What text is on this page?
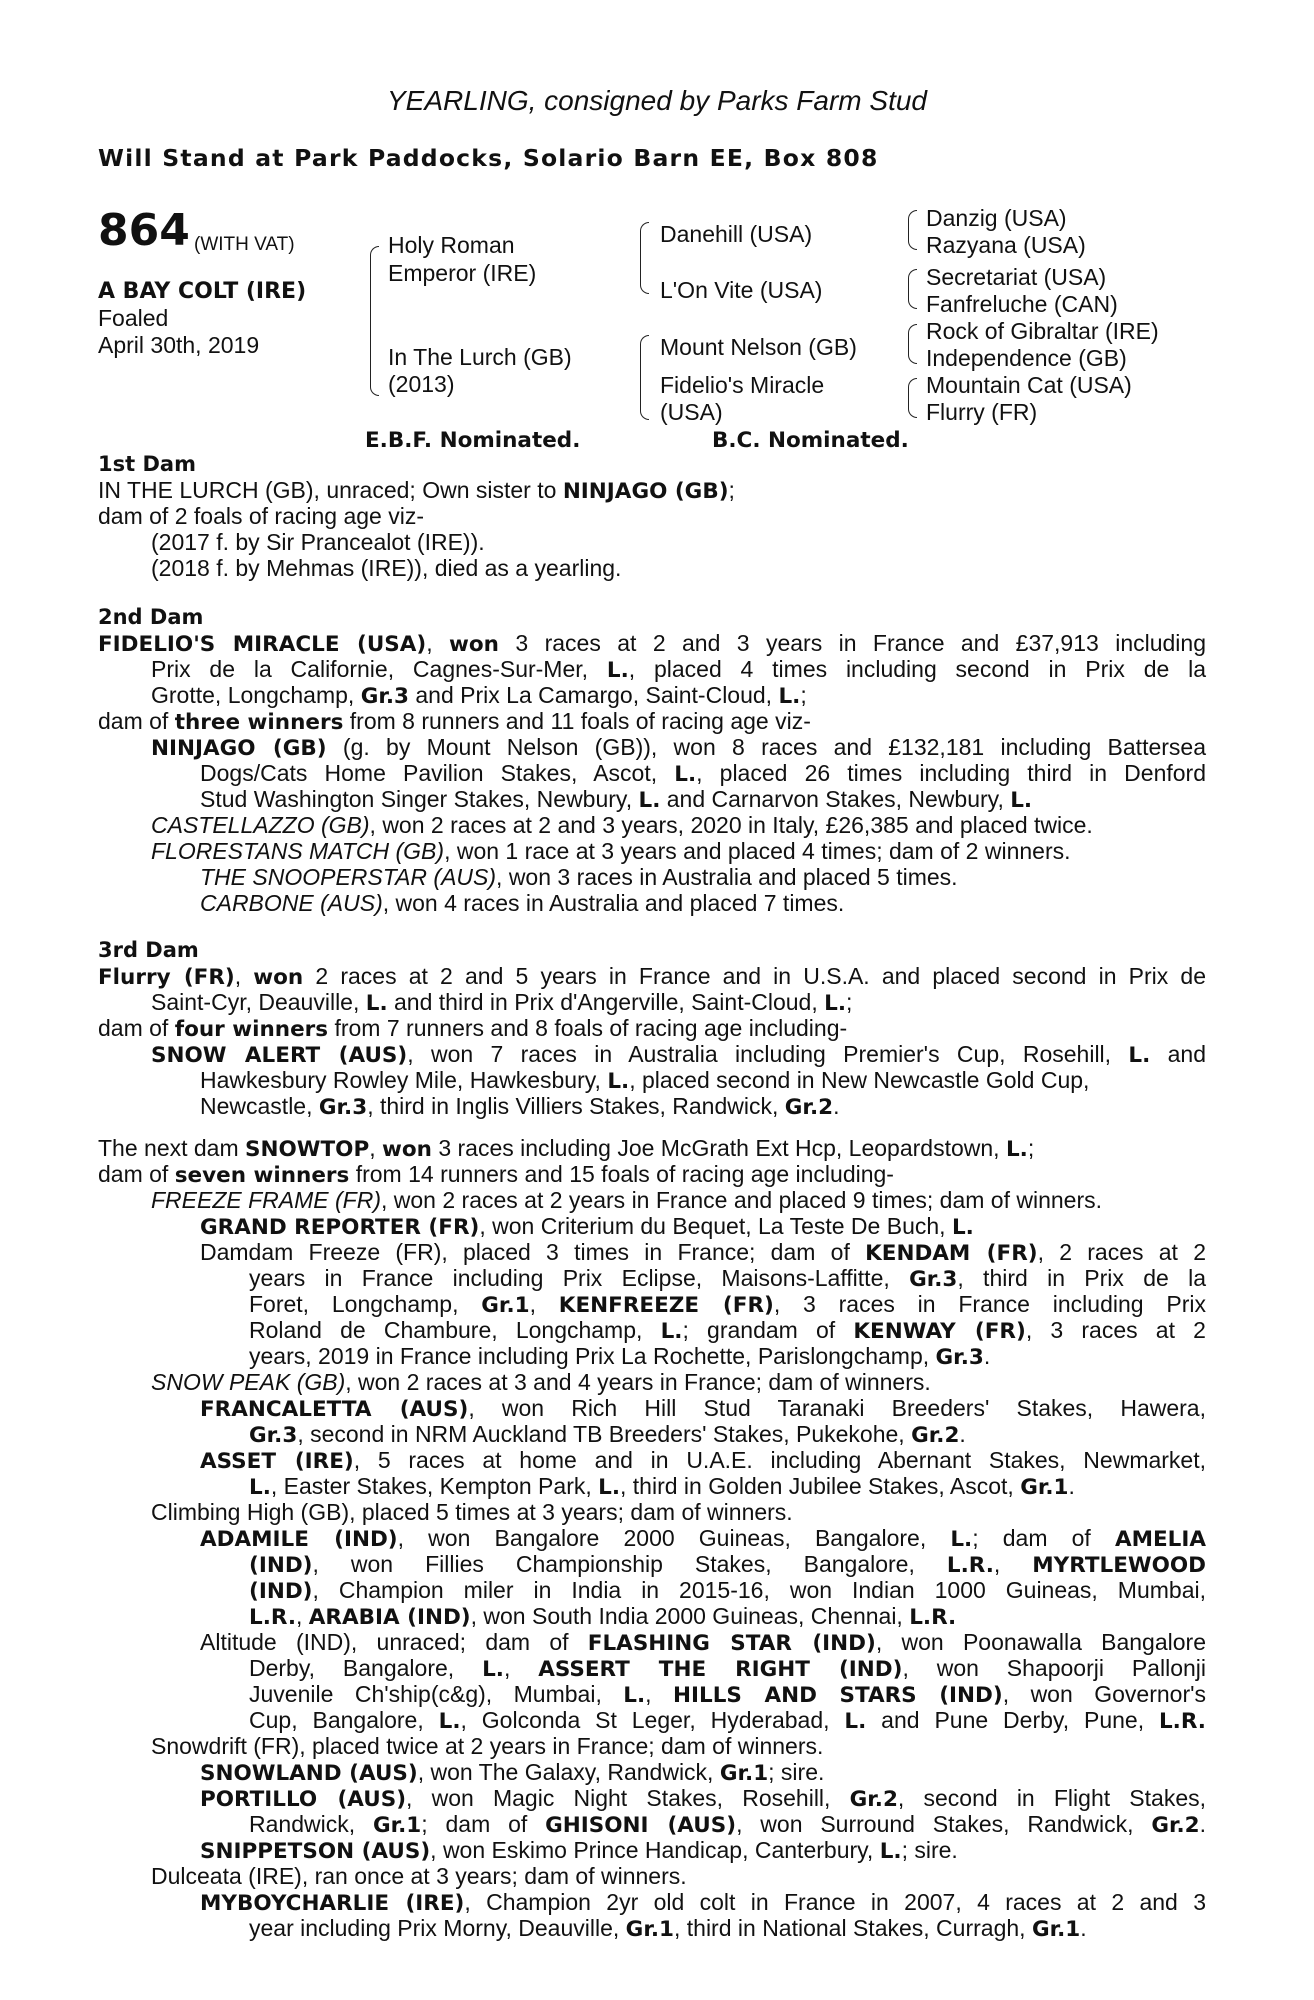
YEARLING, consigned by Parks Farm Stud
Will Stand at Park Paddocks, Solario Barn EE, Box 808
864 (WITH VAT)
A BAY COLT (IRE)
Foaled
April 30th, 2019
Holy Roman
Emperor (IRE)
In The Lurch (GB)
(2013)
Danehill (USA)
L'On Vite (USA)
Mount Nelson (GB)
Fidelio's Miracle
(USA)
Danzig (USA)
Razyana (USA)
Secretariat (USA)
Fanfreluche (CAN)
Rock of Gibraltar (IRE)
Independence (GB)
Mountain Cat (USA)
Flurry (FR)
E.B.F. Nominated.	B.C. Nominated.
1st Dam
IN THE LURCH (GB), unraced; Own sister to NINJAGO (GB);
dam of 2 foals of racing age viz-
(2017 f. by Sir Prancealot (IRE)).
(2018 f. by Mehmas (IRE)), died as a yearling.
2nd Dam
FIDELIO'S MIRACLE (USA), won 3 races at 2 and 3 years in France and £37,913 including
Prix de la Californie, Cagnes-Sur-Mer, L., placed 4 times including second in Prix de la
Grotte, Longchamp, Gr.3 and Prix La Camargo, Saint-Cloud, L.;
dam of three winners from 8 runners and 11 foals of racing age viz-
NINJAGO (GB) (g. by Mount Nelson (GB)), won 8 races and £132,181 including Battersea
Dogs/Cats Home Pavilion Stakes, Ascot, L., placed 26 times including third in Denford
Stud Washington Singer Stakes, Newbury, L. and Carnarvon Stakes, Newbury, L.
CASTELLAZZO (GB), won 2 races at 2 and 3 years, 2020 in Italy, £26,385 and placed twice.
FLORESTANS MATCH (GB), won 1 race at 3 years and placed 4 times; dam of 2 winners.
THE SNOOPERSTAR (AUS), won 3 races in Australia and placed 5 times.
CARBONE (AUS), won 4 races in Australia and placed 7 times.
3rd Dam
Flurry (FR), won 2 races at 2 and 5 years in France and in U.S.A. and placed second in Prix de
Saint-Cyr, Deauville, L. and third in Prix d'Angerville, Saint-Cloud, L.;
dam of four winners from 7 runners and 8 foals of racing age including-
SNOW ALERT (AUS), won 7 races in Australia including Premier's Cup, Rosehill, L. and
Hawkesbury Rowley Mile, Hawkesbury, L., placed second in New Newcastle Gold Cup,
Newcastle, Gr.3, third in Inglis Villiers Stakes, Randwick, Gr.2.
The next dam SNOWTOP, won 3 races including Joe McGrath Ext Hcp, Leopardstown, L.;
dam of seven winners from 14 runners and 15 foals of racing age including-
FREEZE FRAME (FR), won 2 races at 2 years in France and placed 9 times; dam of winners.
GRAND REPORTER (FR), won Criterium du Bequet, La Teste De Buch, L.
Damdam Freeze (FR), placed 3 times in France; dam of KENDAM (FR), 2 races at 2
years in France including Prix Eclipse, Maisons-Laffitte, Gr.3, third in Prix de la
Foret, Longchamp, Gr.1, KENFREEZE (FR), 3 races in France including Prix
Roland de Chambure, Longchamp, L.; grandam of KENWAY (FR), 3 races at 2
years, 2019 in France including Prix La Rochette, Parislongchamp, Gr.3.
SNOW PEAK (GB), won 2 races at 3 and 4 years in France; dam of winners.
FRANCALETTA (AUS), won Rich Hill Stud Taranaki Breeders' Stakes, Hawera,
Gr.3, second in NRM Auckland TB Breeders' Stakes, Pukekohe, Gr.2.
ASSET (IRE), 5 races at home and in U.A.E. including Abernant Stakes, Newmarket,
L., Easter Stakes, Kempton Park, L., third in Golden Jubilee Stakes, Ascot, Gr.1.
Climbing High (GB), placed 5 times at 3 years; dam of winners.
ADAMILE (IND), won Bangalore 2000 Guineas, Bangalore, L.; dam of AMELIA
(IND), won Fillies Championship Stakes, Bangalore, L.R., MYRTLEWOOD
(IND), Champion miler in India in 2015-16, won Indian 1000 Guineas, Mumbai,
L.R., ARABIA (IND), won South India 2000 Guineas, Chennai, L.R.
Altitude (IND), unraced; dam of FLASHING STAR (IND), won Poonawalla Bangalore
Derby, Bangalore, L., ASSERT THE RIGHT (IND), won Shapoorji Pallonji
Juvenile Ch'ship(c&g), Mumbai, L., HILLS AND STARS (IND), won Governor's
Cup, Bangalore, L., Golconda St Leger, Hyderabad, L. and Pune Derby, Pune, L.R.
Snowdrift (FR), placed twice at 2 years in France; dam of winners.
SNOWLAND (AUS), won The Galaxy, Randwick, Gr.1; sire.
PORTILLO (AUS), won Magic Night Stakes, Rosehill, Gr.2, second in Flight Stakes,
Randwick, Gr.1; dam of GHISONI (AUS), won Surround Stakes, Randwick, Gr.2.
SNIPPETSON (AUS), won Eskimo Prince Handicap, Canterbury, L.; sire.
Dulceata (IRE), ran once at 3 years; dam of winners.
MYBOYCHARLIE (IRE), Champion 2yr old colt in France in 2007, 4 races at 2 and 3
year including Prix Morny, Deauville, Gr.1, third in National Stakes, Curragh, Gr.1.
